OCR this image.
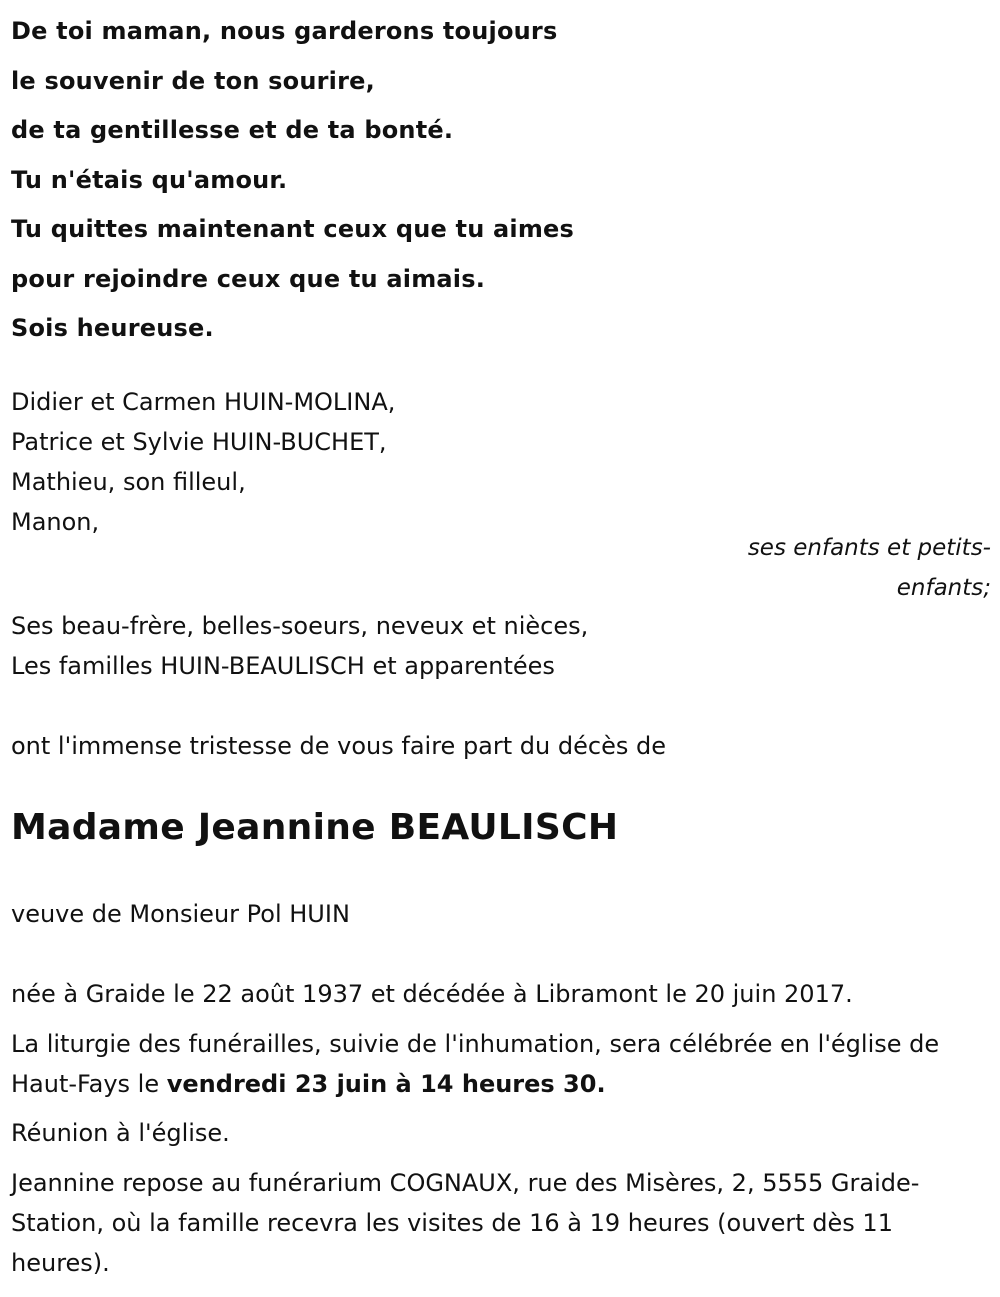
De toi maman, nous garderons toujours
le souvenir de ton sourire,
de ta gentillesse et de ta bonté.
Tu n'étais qu'amour.
Tu quittes maintenant ceux que tu aimes
pour rejoindre ceux que tu aimais.
Sois heureuse.
Didier et Carmen HUIN-MOLINA,
Patrice et Sylvie HUIN-BUCHET,
Mathieu, son filleul,
Manon,
ses enfants et petits-enfants;
Ses beau-frère, belles-soeurs, neveux et nièces,
Les familles HUIN-BEAULISCH et apparentées
ont l'immense tristesse de vous faire part du décès de
Madame Jeannine BEAULISCH
veuve de Monsieur Pol HUIN
née à Graide le 22 août 1937 et décédée à Libramont le 20 juin 2017.
La liturgie des funérailles, suivie de l'inhumation, sera célébrée en l'église de Haut-Fays le vendredi 23 juin à 14 heures 30.
Réunion à l'église.
Jeannine repose au funérarium COGNAUX, rue des Misères, 2, 5555 Graide-Station, où la famille recevra les visites de 16 à 19 heures (ouvert dès 11 heures).
